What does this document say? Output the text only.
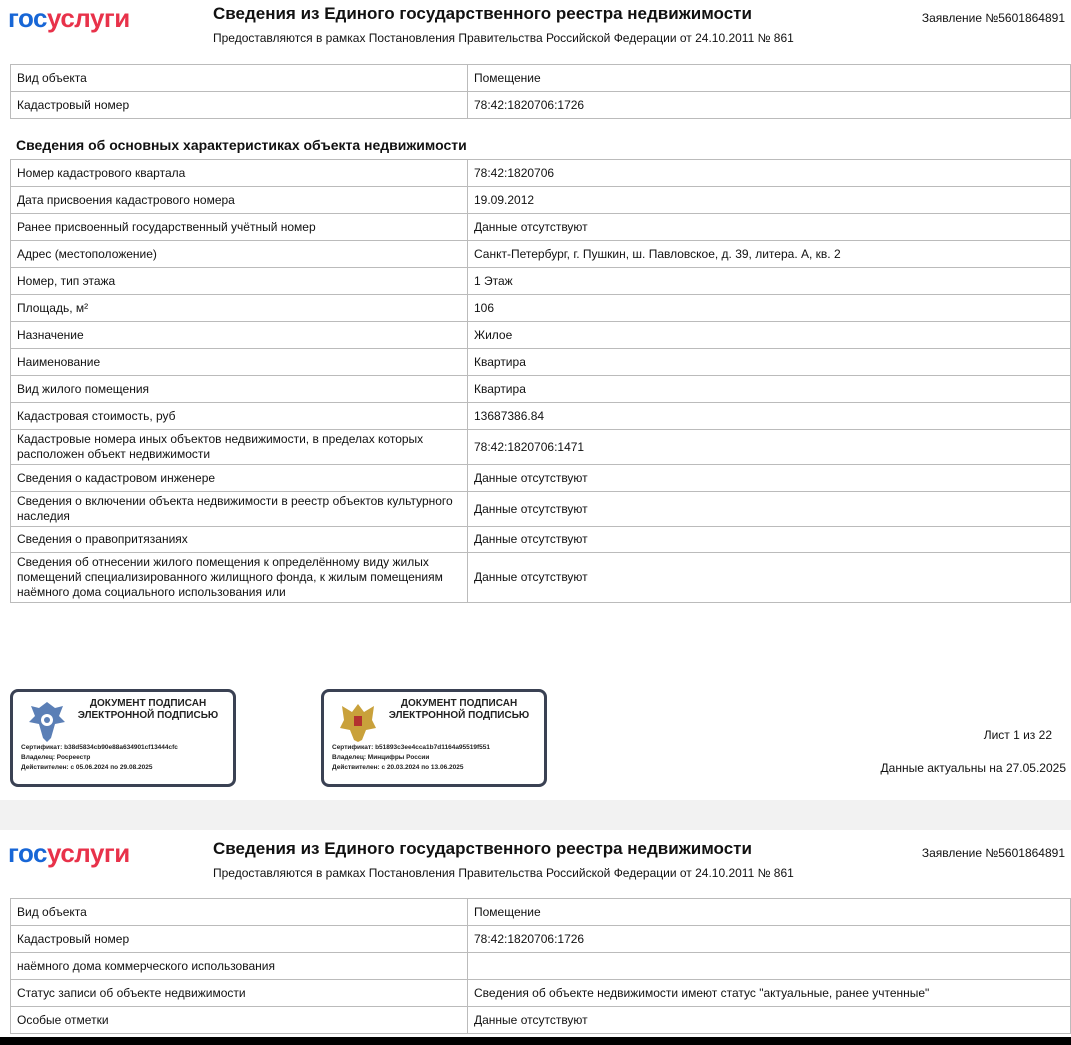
госуслуги	Сведения из Единого государственного реестра недвижимости
Предоставляются в рамках Постановления Правительства Российской Федерации от 24.10.2011 № 861
Заявление №5601864891
Вид объекта	Помещение
Кадастровый номер	78:42:1820706:1726
Сведения об основных характеристиках объекта недвижимости
Номер кадастрового квартала	78:42:1820706
Дата присвоения кадастрового номера	19.09.2012
Ранее присвоенный государственный учётный номер	Данные отсутствуют
Адрес (местоположение)	Санкт-Петербург, г. Пушкин, ш. Павловское, д. 39, литера. А, кв. 2
Номер, тип этажа	1 Этаж
Площадь, м²	106
Назначение	Жилое
Наименование	Квартира
Вид жилого помещения	Квартира
Кадастровая стоимость, руб	13687386.84
Кадастровые номера иных объектов недвижимости, в пределах которых расположен объект недвижимости	78:42:1820706:1471
Сведения о кадастровом инженере	Данные отсутствуют
Сведения о включении объекта недвижимости в реестр объектов культурного наследия	Данные отсутствуют
Сведения о правопритязаниях	Данные отсутствуют
Сведения об отнесении жилого помещения к определённому виду жилых помещений специализированного жилищного фонда, к жилым помещениям наёмного дома социального использования или	Данные отсутствуют
ДОКУМЕНТ ПОДПИСАН ЭЛЕКТРОННОЙ ПОДПИСЬЮ
Сертификат: b38d5834cb90e88a634901cf13444cfc
Владелец: Росреестр
Действителен: с 05.06.2024 по 29.08.2025
ДОКУМЕНТ ПОДПИСАН ЭЛЕКТРОННОЙ ПОДПИСЬЮ
Сертификат: b51893c3ee4cca1b7d1164a95519f551
Владелец: Минцифры России
Действителен: с 20.03.2024 по 13.06.2025
Лист 1 из 22
Данные актуальны на 27.05.2025
госуслуги	Сведения из Единого государственного реестра недвижимости
Предоставляются в рамках Постановления Правительства Российской Федерации от 24.10.2011 № 861
Заявление №5601864891
Вид объекта	Помещение
Кадастровый номер	78:42:1820706:1726
наёмного дома коммерческого использования	
Статус записи об объекте недвижимости	Сведения об объекте недвижимости имеют статус "актуальные, ранее учтенные"
Особые отметки	Данные отсутствуют
